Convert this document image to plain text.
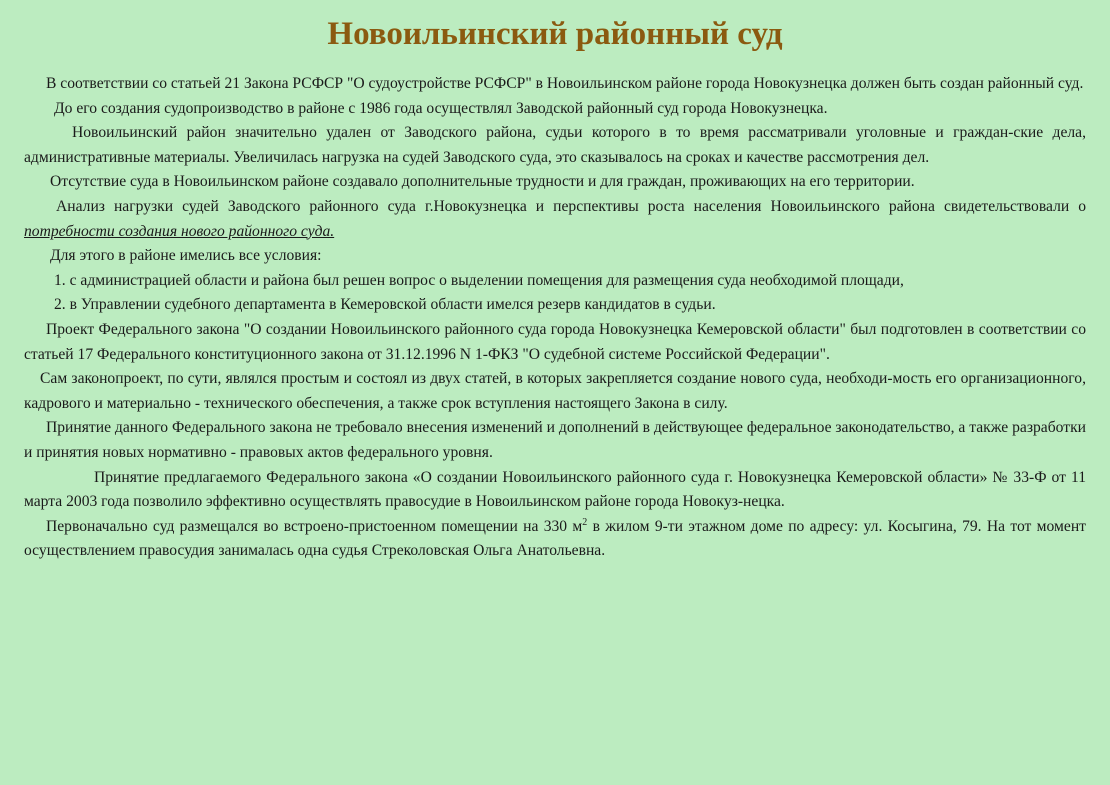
Новоильинский районный суд

В соответствии со статьей 21 Закона РСФСР "О судоустройстве РСФСР" в Новоильинском районе города Новокузнецка должен быть создан районный суд.

До его создания судопроизводство в районе с 1986 года осуществлял Заводской районный суд города Новокузнецка.

Новоильинский район значительно удален от Заводского района, судьи которого в то время рассматривали уголовные и граждан-ские дела, административные материалы. Увеличилась нагрузка на судей Заводского суда, это сказывалось на сроках и качестве рассмотрения дел.

Отсутствие суда в Новоильинском районе создавало дополнительные трудности и для граждан, проживающих на его территории.

Анализ нагрузки судей Заводского районного суда г.Новокузнецка и перспективы роста населения Новоильинского района свидетельствовали о потребности создания нового районного суда.

Для этого в районе имелись все условия:

1. с администрацией области и района был решен вопрос о выделении помещения для размещения суда необходимой площади,

2. в Управлении судебного департамента в Кемеровской области имелся резерв кандидатов в судьи.

Проект Федерального закона "О создании Новоильинского районного суда города Новокузнецка Кемеровской области" был подготовлен в соответствии со статьей 17 Федерального конституционного закона от 31.12.1996 N 1-ФКЗ "О судебной системе Российской Федерации".

Сам законопроект, по сути, являлся простым и состоял из двух статей, в которых закрепляется создание нового суда, необходи-мость его организационного, кадрового и материально - технического обеспечения, а также срок вступления настоящего Закона в силу.

Принятие данного Федерального закона не требовало внесения изменений и дополнений в действующее федеральное законодательство, а также разработки и принятия новых нормативно - правовых актов федерального уровня.

Принятие предлагаемого Федерального закона «О создании Новоильинского районного суда г. Новокузнецка Кемеровской области» № 33-Ф от 11 марта 2003 года позволило эффективно осуществлять правосудие в Новоильинском районе города Новокуз-нецка.

Первоначально суд размещался во встроено-пристоенном помещении на 330 $м^2$ в жилом 9-ти этажном доме по адресу: ул. Косыгина, 79. На тот момент осуществлением правосудия занималась одна судья Стреколовская Ольга Анатольевна.
